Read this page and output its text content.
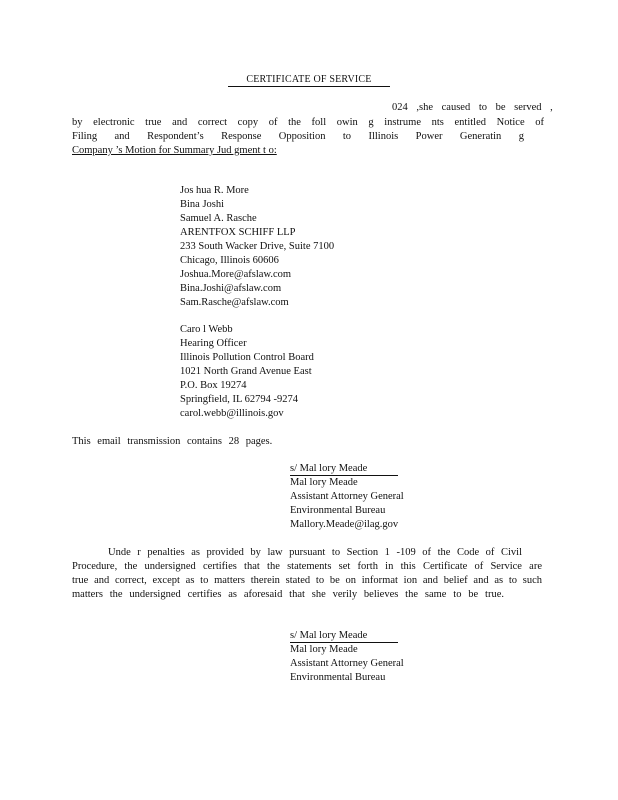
CERTIFICATE OF SERVICE
024 ,she caused to be served ,
by electronic true and correct copy of the foll owin g instrume nts entitled Notice of
Filing and Respondent’s Response Opposition to Illinois Power Generatin g
Company ’s Motion for Summary Jud gment t o:
Jos hua R. More
Bina Joshi
Samuel A. Rasche
ARENTFOX SCHIFF LLP
233 South Wacker Drive, Suite 7100
Chicago, Illinois 60606
Joshua.More@afslaw.com
Bina.Joshi@afslaw.com
Sam.Rasche@afslaw.com
Caro l Webb
Hearing Officer
Illinois Pollution Control Board
1021 North Grand Avenue East
P.O. Box 19274
Springfield, IL 62794 -9274
carol.webb@illinois.gov
This email transmission contains 28 pages.
s/ Mal lory Meade
Mal lory Meade
Assistant Attorney General
Environmental Bureau
Mallory.Meade@ilag.gov
Unde r penalties as provided by law pursuant to Section 1 -109 of the Code of Civil
Procedure, the undersigned certifies that the statements set forth in this Certificate of Service are
true and correct, except as to matters therein stated to be on informat ion and belief and as to such
matters the undersigned certifies as aforesaid that she verily believes the same to be true.
s/ Mal lory Meade
Mal lory Meade
Assistant Attorney General
Environmental Bureau
